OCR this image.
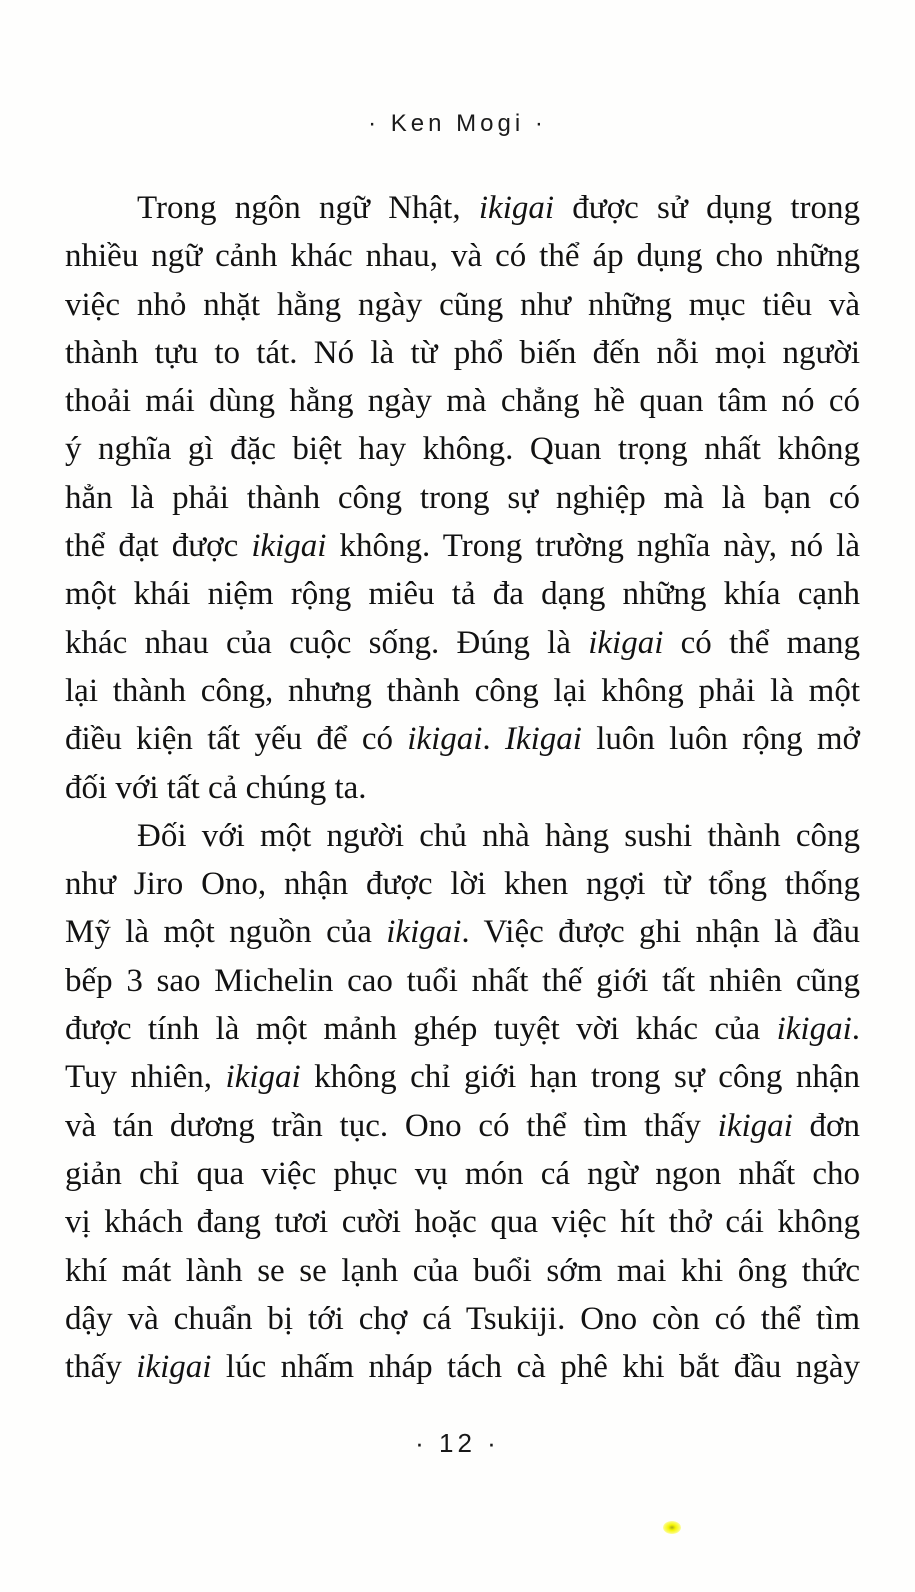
· Ken Mogi ·
Trong ngôn ngữ Nhật, ikigai được sử dụng trong
nhiều ngữ cảnh khác nhau, và có thể áp dụng cho những
việc nhỏ nhặt hằng ngày cũng như những mục tiêu và
thành tựu to tát. Nó là từ phổ biến đến nỗi mọi người
thoải mái dùng hằng ngày mà chẳng hề quan tâm nó có
ý nghĩa gì đặc biệt hay không. Quan trọng nhất không
hẳn là phải thành công trong sự nghiệp mà là bạn có
thể đạt được ikigai không. Trong trường nghĩa này, nó là
một khái niệm rộng miêu tả đa dạng những khía cạnh
khác nhau của cuộc sống. Đúng là ikigai có thể mang
lại thành công, nhưng thành công lại không phải là một
điều kiện tất yếu để có ikigai. Ikigai luôn luôn rộng mở
đối với tất cả chúng ta.
Đối với một người chủ nhà hàng sushi thành công
như Jiro Ono, nhận được lời khen ngợi từ tổng thống
Mỹ là một nguồn của ikigai. Việc được ghi nhận là đầu
bếp 3 sao Michelin cao tuổi nhất thế giới tất nhiên cũng
được tính là một mảnh ghép tuyệt vời khác của ikigai.
Tuy nhiên, ikigai không chỉ giới hạn trong sự công nhận
và tán dương trần tục. Ono có thể tìm thấy ikigai đơn
giản chỉ qua việc phục vụ món cá ngừ ngon nhất cho
vị khách đang tươi cười hoặc qua việc hít thở cái không
khí mát lành se se lạnh của buổi sớm mai khi ông thức
dậy và chuẩn bị tới chợ cá Tsukiji. Ono còn có thể tìm
thấy ikigai lúc nhấm nháp tách cà phê khi bắt đầu ngày
· 12 ·
